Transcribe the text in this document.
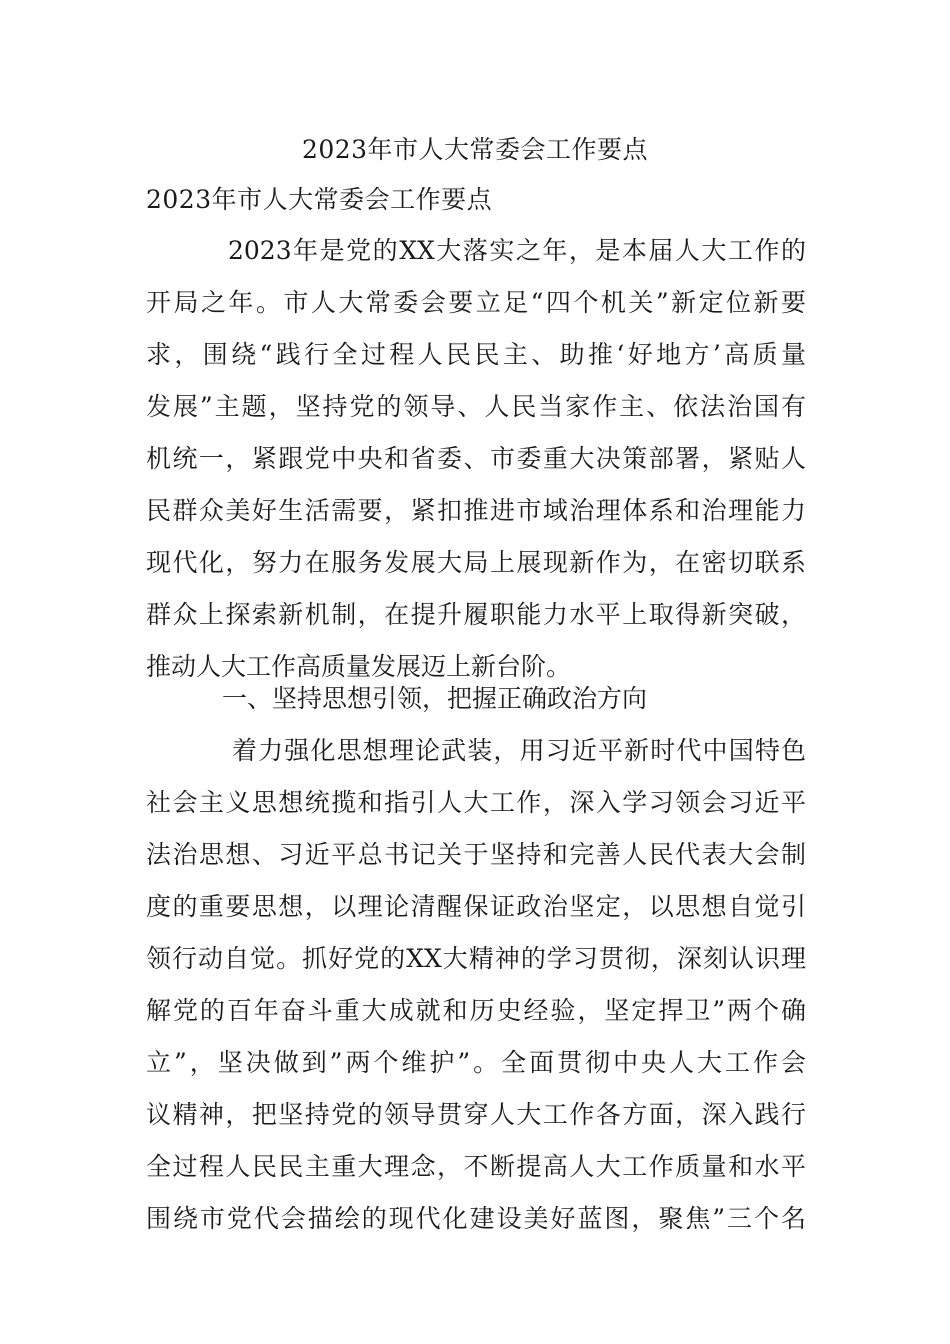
2023年市人大常委会工作要点
2023年市人大常委会工作要点
2023年是党的XX大落实之年，是本届人大工作的
开局之年。市人大常委会要立足“四个机关”新定位新要
求，围绕“践行全过程人民民主、助推‘好地方’高质量
发展”主题，坚持党的领导、人民当家作主、依法治国有
机统一，紧跟党中央和省委、市委重大决策部署，紧贴人
民群众美好生活需要，紧扣推进市域治理体系和治理能力
现代化，努力在服务发展大局上展现新作为，在密切联系
群众上探索新机制，在提升履职能力水平上取得新突破，
推动人大工作高质量发展迈上新台阶。
一、坚持思想引领，把握正确政治方向
着力强化思想理论武装，用习近平新时代中国特色
社会主义思想统揽和指引人大工作，深入学习领会习近平
法治思想、习近平总书记关于坚持和完善人民代表大会制
度的重要思想，以理论清醒保证政治坚定，以思想自觉引
领行动自觉。抓好党的XX大精神的学习贯彻，深刻认识理
解党的百年奋斗重大成就和历史经验，坚定捍卫”两个确
立”，坚决做到”两个维护”。全面贯彻中央人大工作会
议精神，把坚持党的领导贯穿人大工作各方面，深入践行
全过程人民民主重大理念，不断提高人大工作质量和水平
围绕市党代会描绘的现代化建设美好蓝图，聚焦”三个名
